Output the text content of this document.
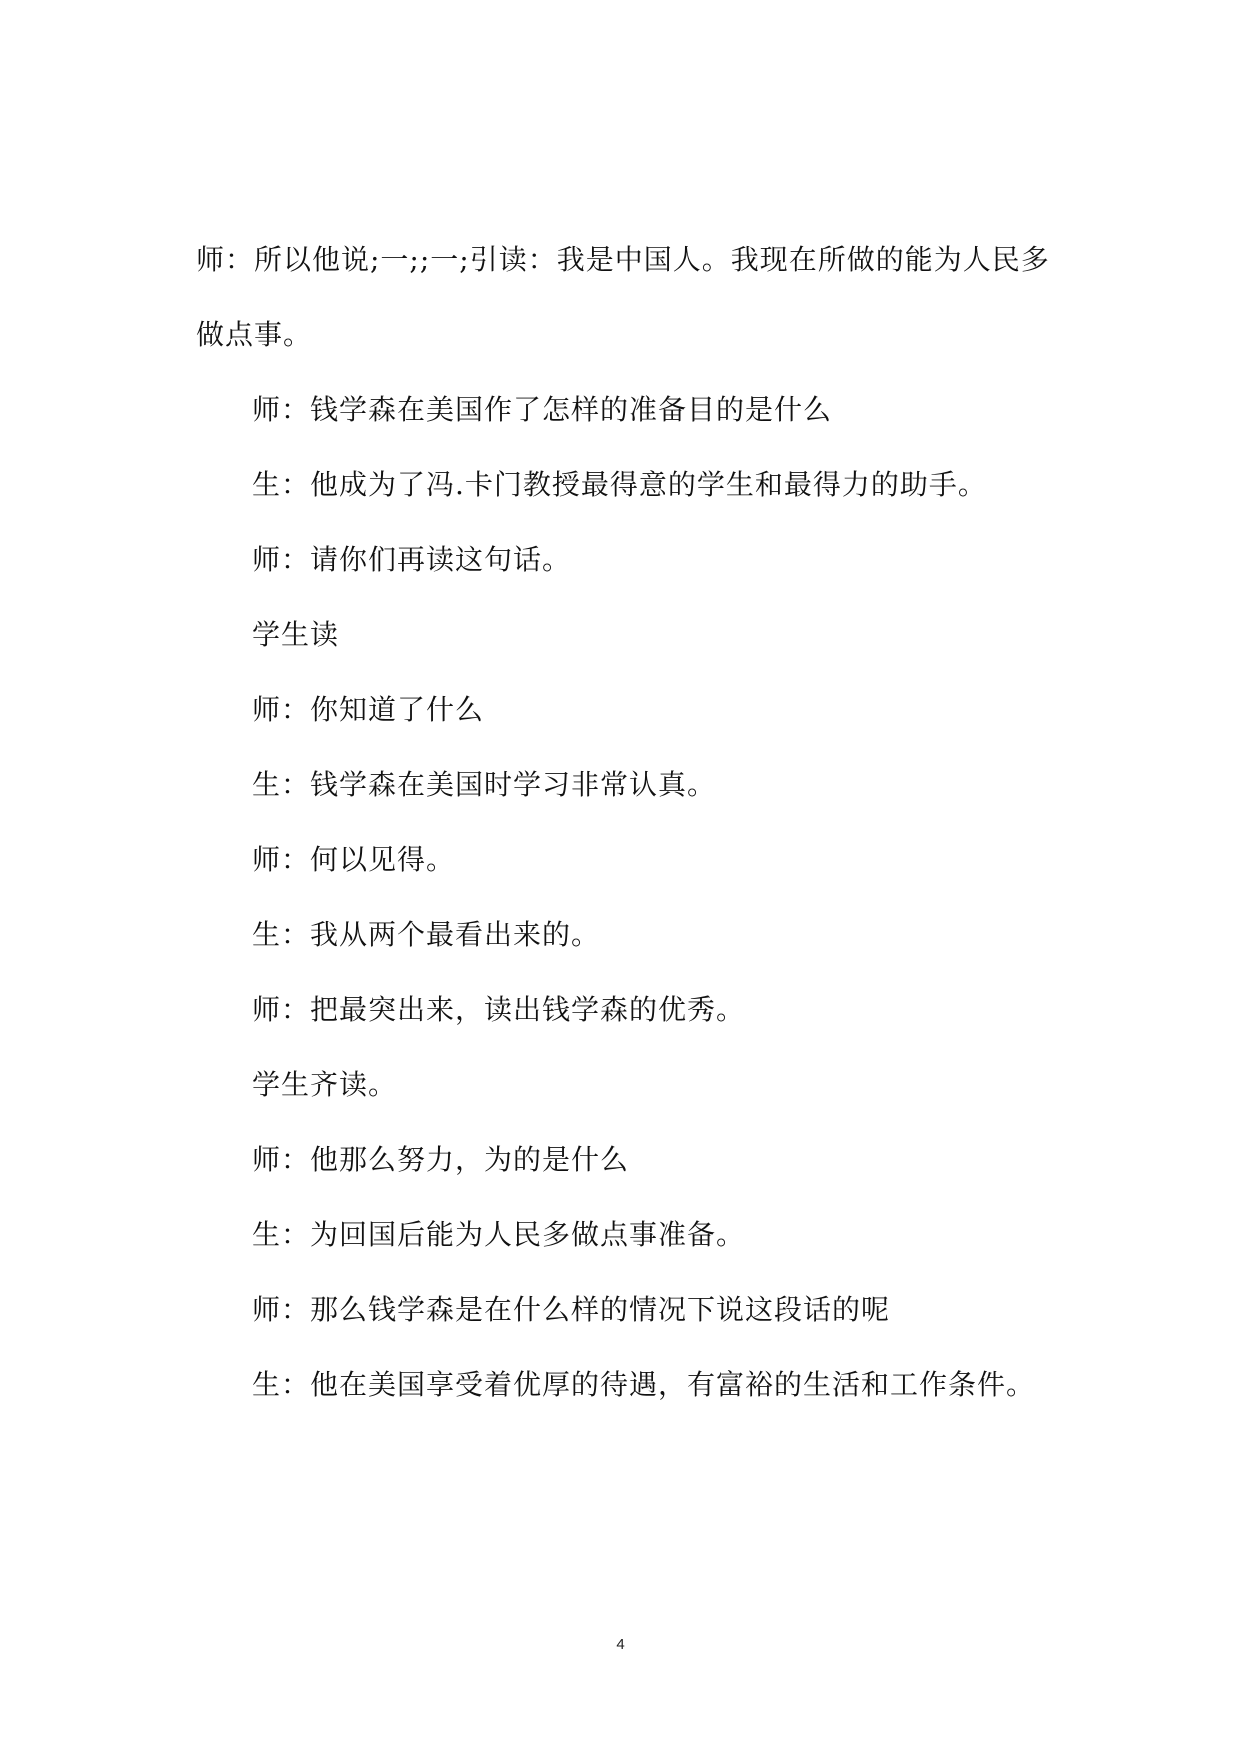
师：所以他说;一;;一;引读：我是中国人。我现在所做的能为人民多
做点事。
师：钱学森在美国作了怎样的准备目的是什么
生：他成为了冯.卡门教授最得意的学生和最得力的助手。
师：请你们再读这句话。
学生读
师：你知道了什么
生：钱学森在美国时学习非常认真。
师：何以见得。
生：我从两个最看出来的。
师：把最突出来，读出钱学森的优秀。
学生齐读。
师：他那么努力，为的是什么
生：为回国后能为人民多做点事准备。
师：那么钱学森是在什么样的情况下说这段话的呢
生：他在美国享受着优厚的待遇，有富裕的生活和工作条件。
4
